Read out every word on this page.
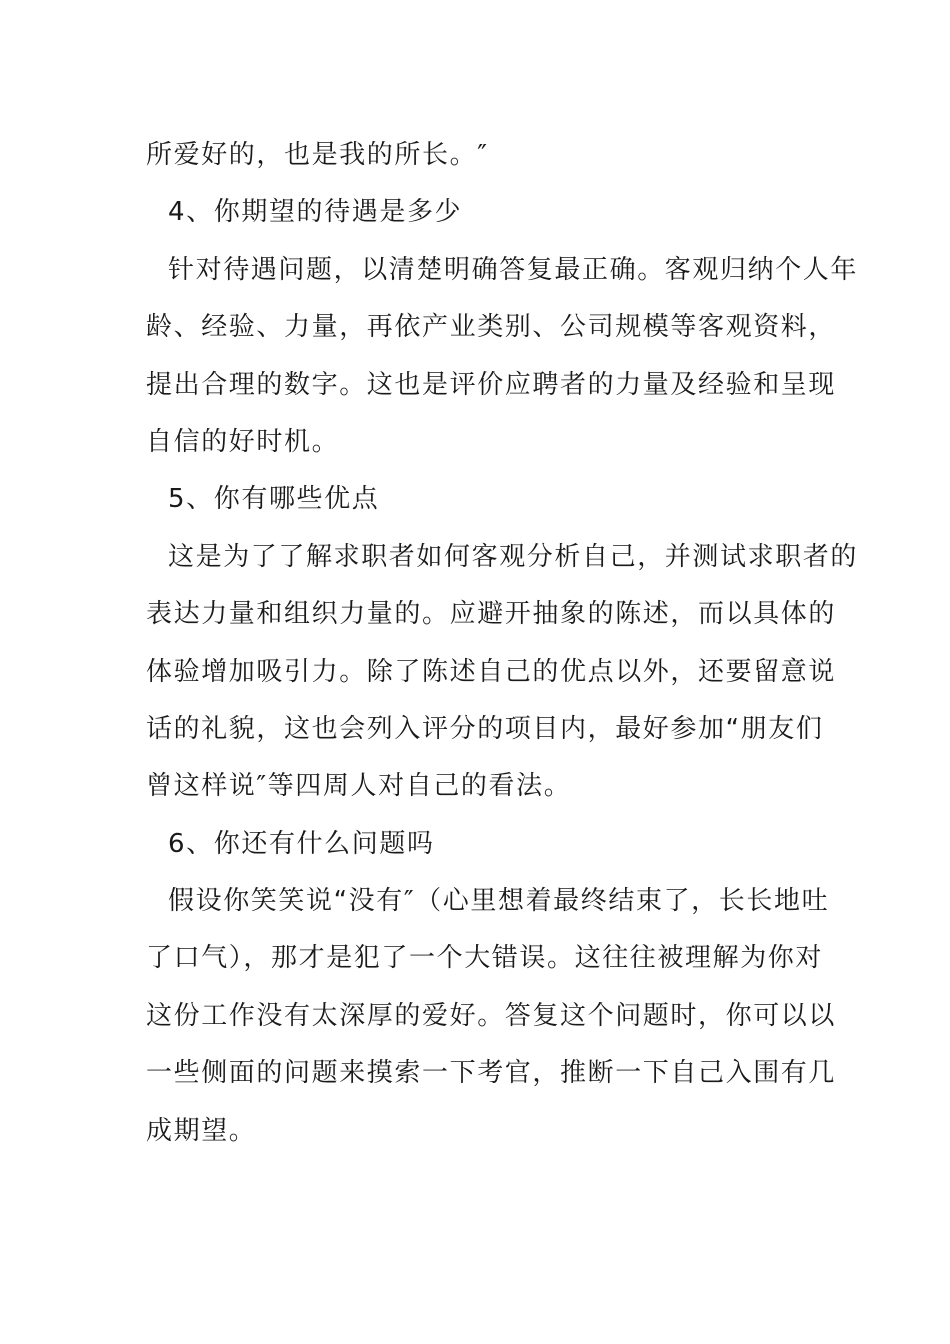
所爱好的，也是我的所长。″
4、你期望的待遇是多少
针对待遇问题，以清楚明确答复最正确。客观归纳个人年
龄、经验、力量，再依产业类别、公司规模等客观资料，
提出合理的数字。这也是评价应聘者的力量及经验和呈现
自信的好时机。
5、你有哪些优点
这是为了了解求职者如何客观分析自己，并测试求职者的
表达力量和组织力量的。应避开抽象的陈述，而以具体的
体验增加吸引力。除了陈述自己的优点以外，还要留意说
话的礼貌，这也会列入评分的项目内，最好参加“朋友们
曾这样说″等四周人对自己的看法。
6、你还有什么问题吗
假设你笑笑说“没有″（心里想着最终结束了，长长地吐
了口气），那才是犯了一个大错误。这往往被理解为你对
这份工作没有太深厚的爱好。答复这个问题时，你可以以
一些侧面的问题来摸索一下考官，推断一下自己入围有几
成期望。
